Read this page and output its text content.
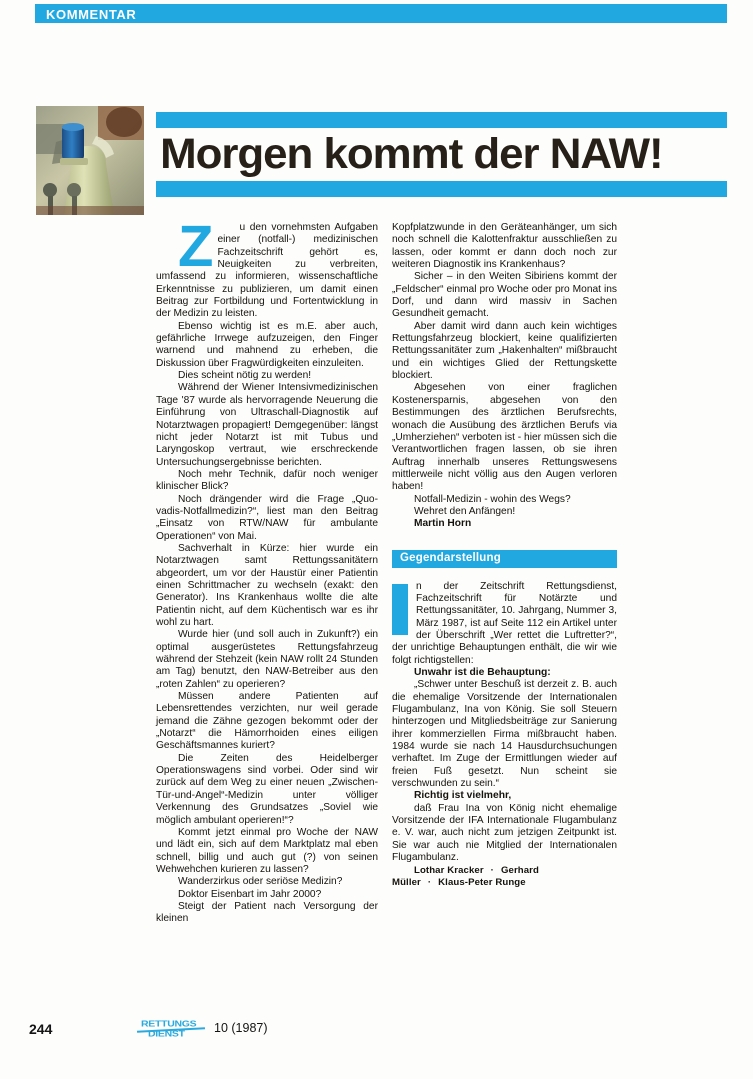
KOMMENTAR
Morgen kommt der NAW!

Z	u den vornehmsten Aufgaben einer (notfall-) medizinischen Fachzeitschrift gehört es, Neuigkeiten zu verbreiten, umfassend zu informieren, wissenschaftliche Erkenntnisse zu publizieren, um damit einen Beitrag zur Fortbildung und Fortentwicklung in der Medizin zu leisten.

Ebenso wichtig ist es m.E. aber auch, gefährliche Irrwege aufzuzeigen, den Finger warnend und mahnend zu erheben, die Diskussion über Fragwürdigkeiten einzuleiten.

Dies scheint nötig zu werden!

Während der Wiener Intensivmedizinischen Tage '87 wurde als hervorragende Neuerung die Einführung von Ultraschall-Diagnostik auf Notarztwagen propagiert! Demgegenüber: längst nicht jeder Notarzt ist mit Tubus und Laryngoskop vertraut, wie erschreckende Untersuchungsergebnisse berichten.

Noch mehr Technik, dafür noch weniger klinischer Blick?

Noch drängender wird die Frage „Quo-vadis-Notfallmedizin?“, liest man den Beitrag „Einsatz von RTW/NAW für ambulante Operationen“ von Mai.

Sachverhalt in Kürze: hier wurde ein Notarztwagen samt Rettungssanitätern abgeordert, um vor der Haustür einer Patientin einen Schrittmacher zu wechseln (exakt: den Generator). Ins Krankenhaus wollte die alte Patientin nicht, auf dem Küchentisch war es ihr wohl zu hart.

Wurde hier (und soll auch in Zukunft?) ein optimal ausgerüstetes Rettungsfahrzeug während der Stehzeit (kein NAW rollt 24 Stunden am Tag) benutzt, den NAW-Betreiber aus den „roten Zahlen“ zu operieren?

Müssen andere Patienten auf Lebensrettendes verzichten, nur weil gerade jemand die Zähne gezogen bekommt oder der „Notarzt“ die Hämorrhoiden eines eiligen Geschäftsmannes kuriert?

Die Zeiten des Heidelberger Operationswagens sind vorbei. Oder sind wir zurück auf dem Weg zu einer neuen „Zwischen-Tür-und-Angel“-Medizin unter völliger Verkennung des Grundsatzes „Soviel wie möglich ambulant operieren!“?

Kommt jetzt einmal pro Woche der NAW und lädt ein, sich auf dem Marktplatz mal eben schnell, billig und auch gut (?) von seinen Wehwehchen kurieren zu lassen?

Wanderzirkus oder seriöse Medizin?

Doktor Eisenbart im Jahr 2000?

Steigt der Patient nach Versorgung der kleinen

Kopfplatzwunde in den Geräteanhänger, um sich noch schnell die Kalottenfraktur ausschließen zu lassen, oder kommt er dann doch noch zur weiteren Diagnostik ins Krankenhaus?

Sicher – in den Weiten Sibiriens kommt der „Feldscher“ einmal pro Woche oder pro Monat ins Dorf, und dann wird massiv in Sachen Gesundheit gemacht.

Aber damit wird dann auch kein wichtiges Rettungsfahrzeug blockiert, keine qualifizierten Rettungssanitäter zum „Hakenhalten“ mißbraucht und ein wichtiges Glied der Rettungskette blockiert.

Abgesehen von einer fraglichen Kostenersparnis, abgesehen von den Bestimmungen des ärztlichen Berufsrechts, wonach die Ausübung des ärztlichen Berufs via „Umherziehen“ verboten ist - hier müssen sich die Verantwortlichen fragen lassen, ob sie ihren Auftrag innerhalb unseres Rettungswesens mittlerweile nicht völlig aus den Augen verloren haben!

Notfall-Medizin - wohin des Wegs?

Wehret den Anfängen!

Martin Horn

Gegendarstellung

n der Zeitschrift Rettungsdienst, Fachzeitschrift für Notärzte und Rettungssanitäter, 10. Jahrgang, Nummer 3, März 1987, ist auf Seite 112 ein Artikel unter der Überschrift „Wer rettet die Luftretter?“, der unrichtige Behauptungen enthält, die wir wie folgt richtigstellen:

Unwahr ist die Behauptung:

„Schwer unter Beschuß ist derzeit z. B. auch die ehemalige Vorsitzende der Internationalen Flugambulanz, Ina von König. Sie soll Steuern hinterzogen und Mitgliedsbeiträge zur Sanierung ihrer kommerziellen Firma mißbraucht haben. 1984 wurde sie nach 14 Hausdurchsuchungen verhaftet. Im Zuge der Ermittlungen wieder auf freien Fuß gesetzt. Nun scheint sie verschwunden zu sein.“

Richtig ist vielmehr,

daß Frau Ina von König nicht ehemalige Vorsitzende der IFA Internationale Flugambulanz e. V. war, auch nicht zum jetzigen Zeitpunkt ist. Sie war auch nie Mitglied der Internationalen Flugambulanz.

Lothar Kracker · Gerhard Müller · Klaus-Peter Runge

244	RETTUNGS
DIENST 10 (1987)
